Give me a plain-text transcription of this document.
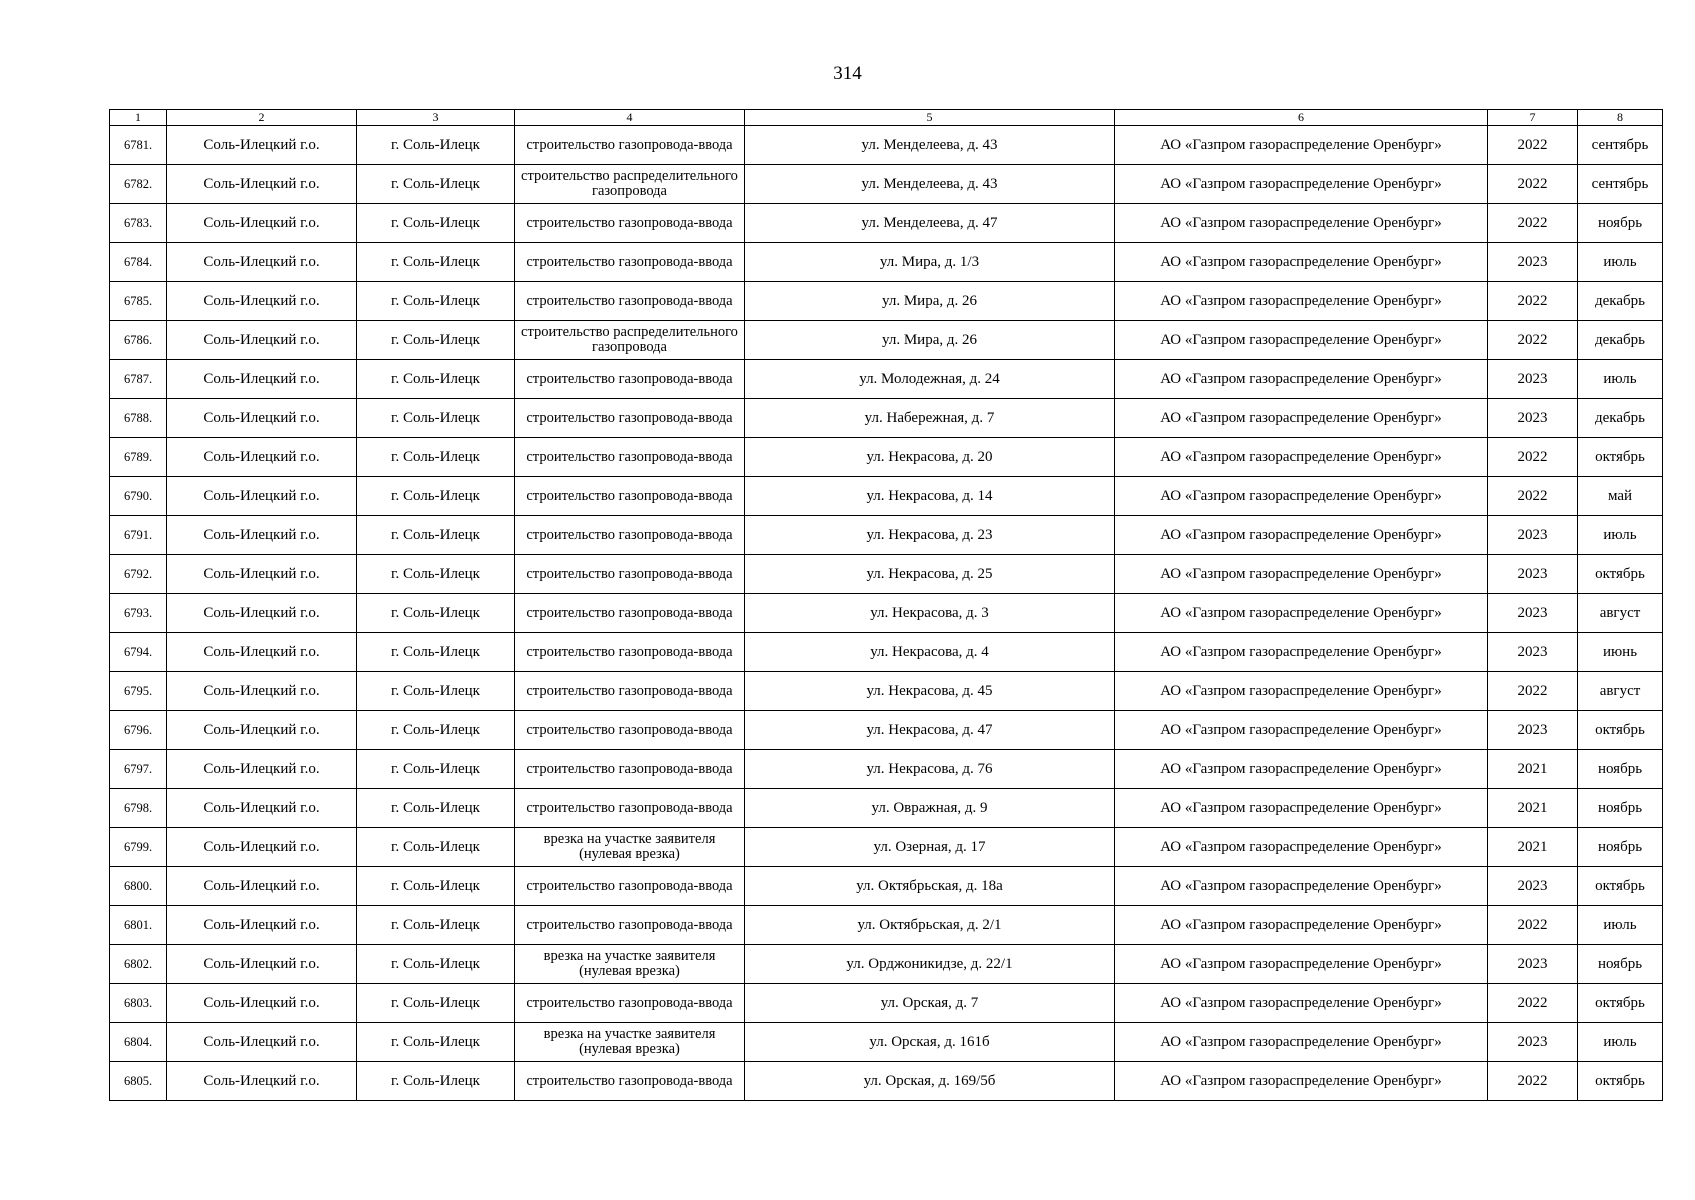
314
1	2	3	4	5	6	7	8
6781.	Соль-Илецкий г.о.	г. Соль-Илецк	строительство газопровода-ввода	ул. Менделеева, д. 43	АО «Газпром газораспределение Оренбург»	2022	сентябрь
6782.	Соль-Илецкий г.о.	г. Соль-Илецк	строительство распределительного газопровода	ул. Менделеева, д. 43	АО «Газпром газораспределение Оренбург»	2022	сентябрь
6783.	Соль-Илецкий г.о.	г. Соль-Илецк	строительство газопровода-ввода	ул. Менделеева, д. 47	АО «Газпром газораспределение Оренбург»	2022	ноябрь
6784.	Соль-Илецкий г.о.	г. Соль-Илецк	строительство газопровода-ввода	ул. Мира, д. 1/3	АО «Газпром газораспределение Оренбург»	2023	июль
6785.	Соль-Илецкий г.о.	г. Соль-Илецк	строительство газопровода-ввода	ул. Мира, д. 26	АО «Газпром газораспределение Оренбург»	2022	декабрь
6786.	Соль-Илецкий г.о.	г. Соль-Илецк	строительство распределительного газопровода	ул. Мира, д. 26	АО «Газпром газораспределение Оренбург»	2022	декабрь
6787.	Соль-Илецкий г.о.	г. Соль-Илецк	строительство газопровода-ввода	ул. Молодежная, д. 24	АО «Газпром газораспределение Оренбург»	2023	июль
6788.	Соль-Илецкий г.о.	г. Соль-Илецк	строительство газопровода-ввода	ул. Набережная, д. 7	АО «Газпром газораспределение Оренбург»	2023	декабрь
6789.	Соль-Илецкий г.о.	г. Соль-Илецк	строительство газопровода-ввода	ул. Некрасова, д. 20	АО «Газпром газораспределение Оренбург»	2022	октябрь
6790.	Соль-Илецкий г.о.	г. Соль-Илецк	строительство газопровода-ввода	ул. Некрасова, д. 14	АО «Газпром газораспределение Оренбург»	2022	май
6791.	Соль-Илецкий г.о.	г. Соль-Илецк	строительство газопровода-ввода	ул. Некрасова, д. 23	АО «Газпром газораспределение Оренбург»	2023	июль
6792.	Соль-Илецкий г.о.	г. Соль-Илецк	строительство газопровода-ввода	ул. Некрасова, д. 25	АО «Газпром газораспределение Оренбург»	2023	октябрь
6793.	Соль-Илецкий г.о.	г. Соль-Илецк	строительство газопровода-ввода	ул. Некрасова, д. 3	АО «Газпром газораспределение Оренбург»	2023	август
6794.	Соль-Илецкий г.о.	г. Соль-Илецк	строительство газопровода-ввода	ул. Некрасова, д. 4	АО «Газпром газораспределение Оренбург»	2023	июнь
6795.	Соль-Илецкий г.о.	г. Соль-Илецк	строительство газопровода-ввода	ул. Некрасова, д. 45	АО «Газпром газораспределение Оренбург»	2022	август
6796.	Соль-Илецкий г.о.	г. Соль-Илецк	строительство газопровода-ввода	ул. Некрасова, д. 47	АО «Газпром газораспределение Оренбург»	2023	октябрь
6797.	Соль-Илецкий г.о.	г. Соль-Илецк	строительство газопровода-ввода	ул. Некрасова, д. 76	АО «Газпром газораспределение Оренбург»	2021	ноябрь
6798.	Соль-Илецкий г.о.	г. Соль-Илецк	строительство газопровода-ввода	ул. Овражная, д. 9	АО «Газпром газораспределение Оренбург»	2021	ноябрь
6799.	Соль-Илецкий г.о.	г. Соль-Илецк	врезка на участке заявителя (нулевая врезка)	ул. Озерная, д. 17	АО «Газпром газораспределение Оренбург»	2021	ноябрь
6800.	Соль-Илецкий г.о.	г. Соль-Илецк	строительство газопровода-ввода	ул. Октябрьская, д. 18а	АО «Газпром газораспределение Оренбург»	2023	октябрь
6801.	Соль-Илецкий г.о.	г. Соль-Илецк	строительство газопровода-ввода	ул. Октябрьская, д. 2/1	АО «Газпром газораспределение Оренбург»	2022	июль
6802.	Соль-Илецкий г.о.	г. Соль-Илецк	врезка на участке заявителя (нулевая врезка)	ул. Орджоникидзе, д. 22/1	АО «Газпром газораспределение Оренбург»	2023	ноябрь
6803.	Соль-Илецкий г.о.	г. Соль-Илецк	строительство газопровода-ввода	ул. Орская, д. 7	АО «Газпром газораспределение Оренбург»	2022	октябрь
6804.	Соль-Илецкий г.о.	г. Соль-Илецк	врезка на участке заявителя (нулевая врезка)	ул. Орская, д. 161б	АО «Газпром газораспределение Оренбург»	2023	июль
6805.	Соль-Илецкий г.о.	г. Соль-Илецк	строительство газопровода-ввода	ул. Орская, д. 169/5б	АО «Газпром газораспределение Оренбург»	2022	октябрь
